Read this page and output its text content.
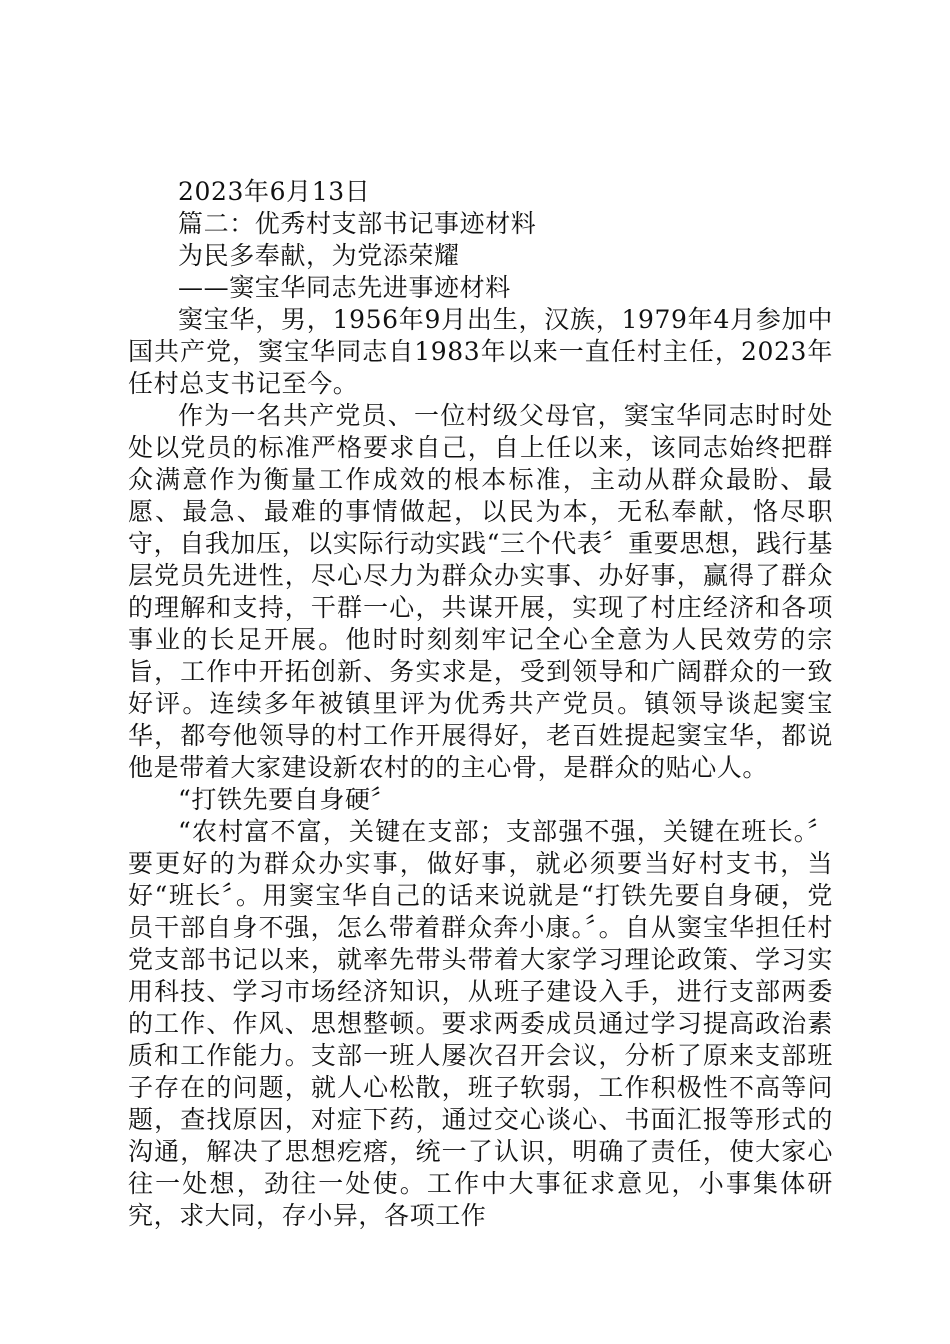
2023年6月13日
篇二：优秀村支部书记事迹材料
为民多奉献，为党添荣耀
——窦宝华同志先进事迹材料
窦宝华，男，1956年9月出生，汉族，1979年4月参加中国共产党，窦宝华同志自1983年以来一直任村主任，2023年任村总支书记至今。
作为一名共产党员、一位村级父母官，窦宝华同志时时处处以党员的标准严格要求自己，自上任以来，该同志始终把群众满意作为衡量工作成效的根本标准，主动从群众最盼、最愿、最急、最难的事情做起，以民为本，无私奉献，恪尽职守，自我加压，以实际行动实践“三个代表〞重要思想，践行基层党员先进性，尽心尽力为群众办实事、办好事，赢得了群众的理解和支持，干群一心，共谋开展，实现了村庄经济和各项事业的长足开展。他时时刻刻牢记全心全意为人民效劳的宗旨，工作中开拓创新、务实求是，受到领导和广阔群众的一致好评。连续多年被镇里评为优秀共产党员。镇领导谈起窦宝华，都夸他领导的村工作开展得好，老百姓提起窦宝华，都说他是带着大家建设新农村的的主心骨，是群众的贴心人。
“打铁先要自身硬〞
“农村富不富，关键在支部；支部强不强，关键在班长。〞要更好的为群众办实事，做好事，就必须要当好村支书，当好“班长〞。用窦宝华自己的话来说就是“打铁先要自身硬，党员干部自身不强，怎么带着群众奔小康。〞。自从窦宝华担任村党支部书记以来，就率先带头带着大家学习理论政策、学习实用科技、学习市场经济知识，从班子建设入手，进行支部两委的工作、作风、思想整顿。要求两委成员通过学习提高政治素质和工作能力。支部一班人屡次召开会议，分析了原来支部班子存在的问题，就人心松散，班子软弱，工作积极性不高等问题，查找原因，对症下药，通过交心谈心、书面汇报等形式的沟通，解决了思想疙瘩，统一了认识，明确了责任，使大家心往一处想，劲往一处使。工作中大事征求意见，小事集体研究，求大同，存小异，各项工作
